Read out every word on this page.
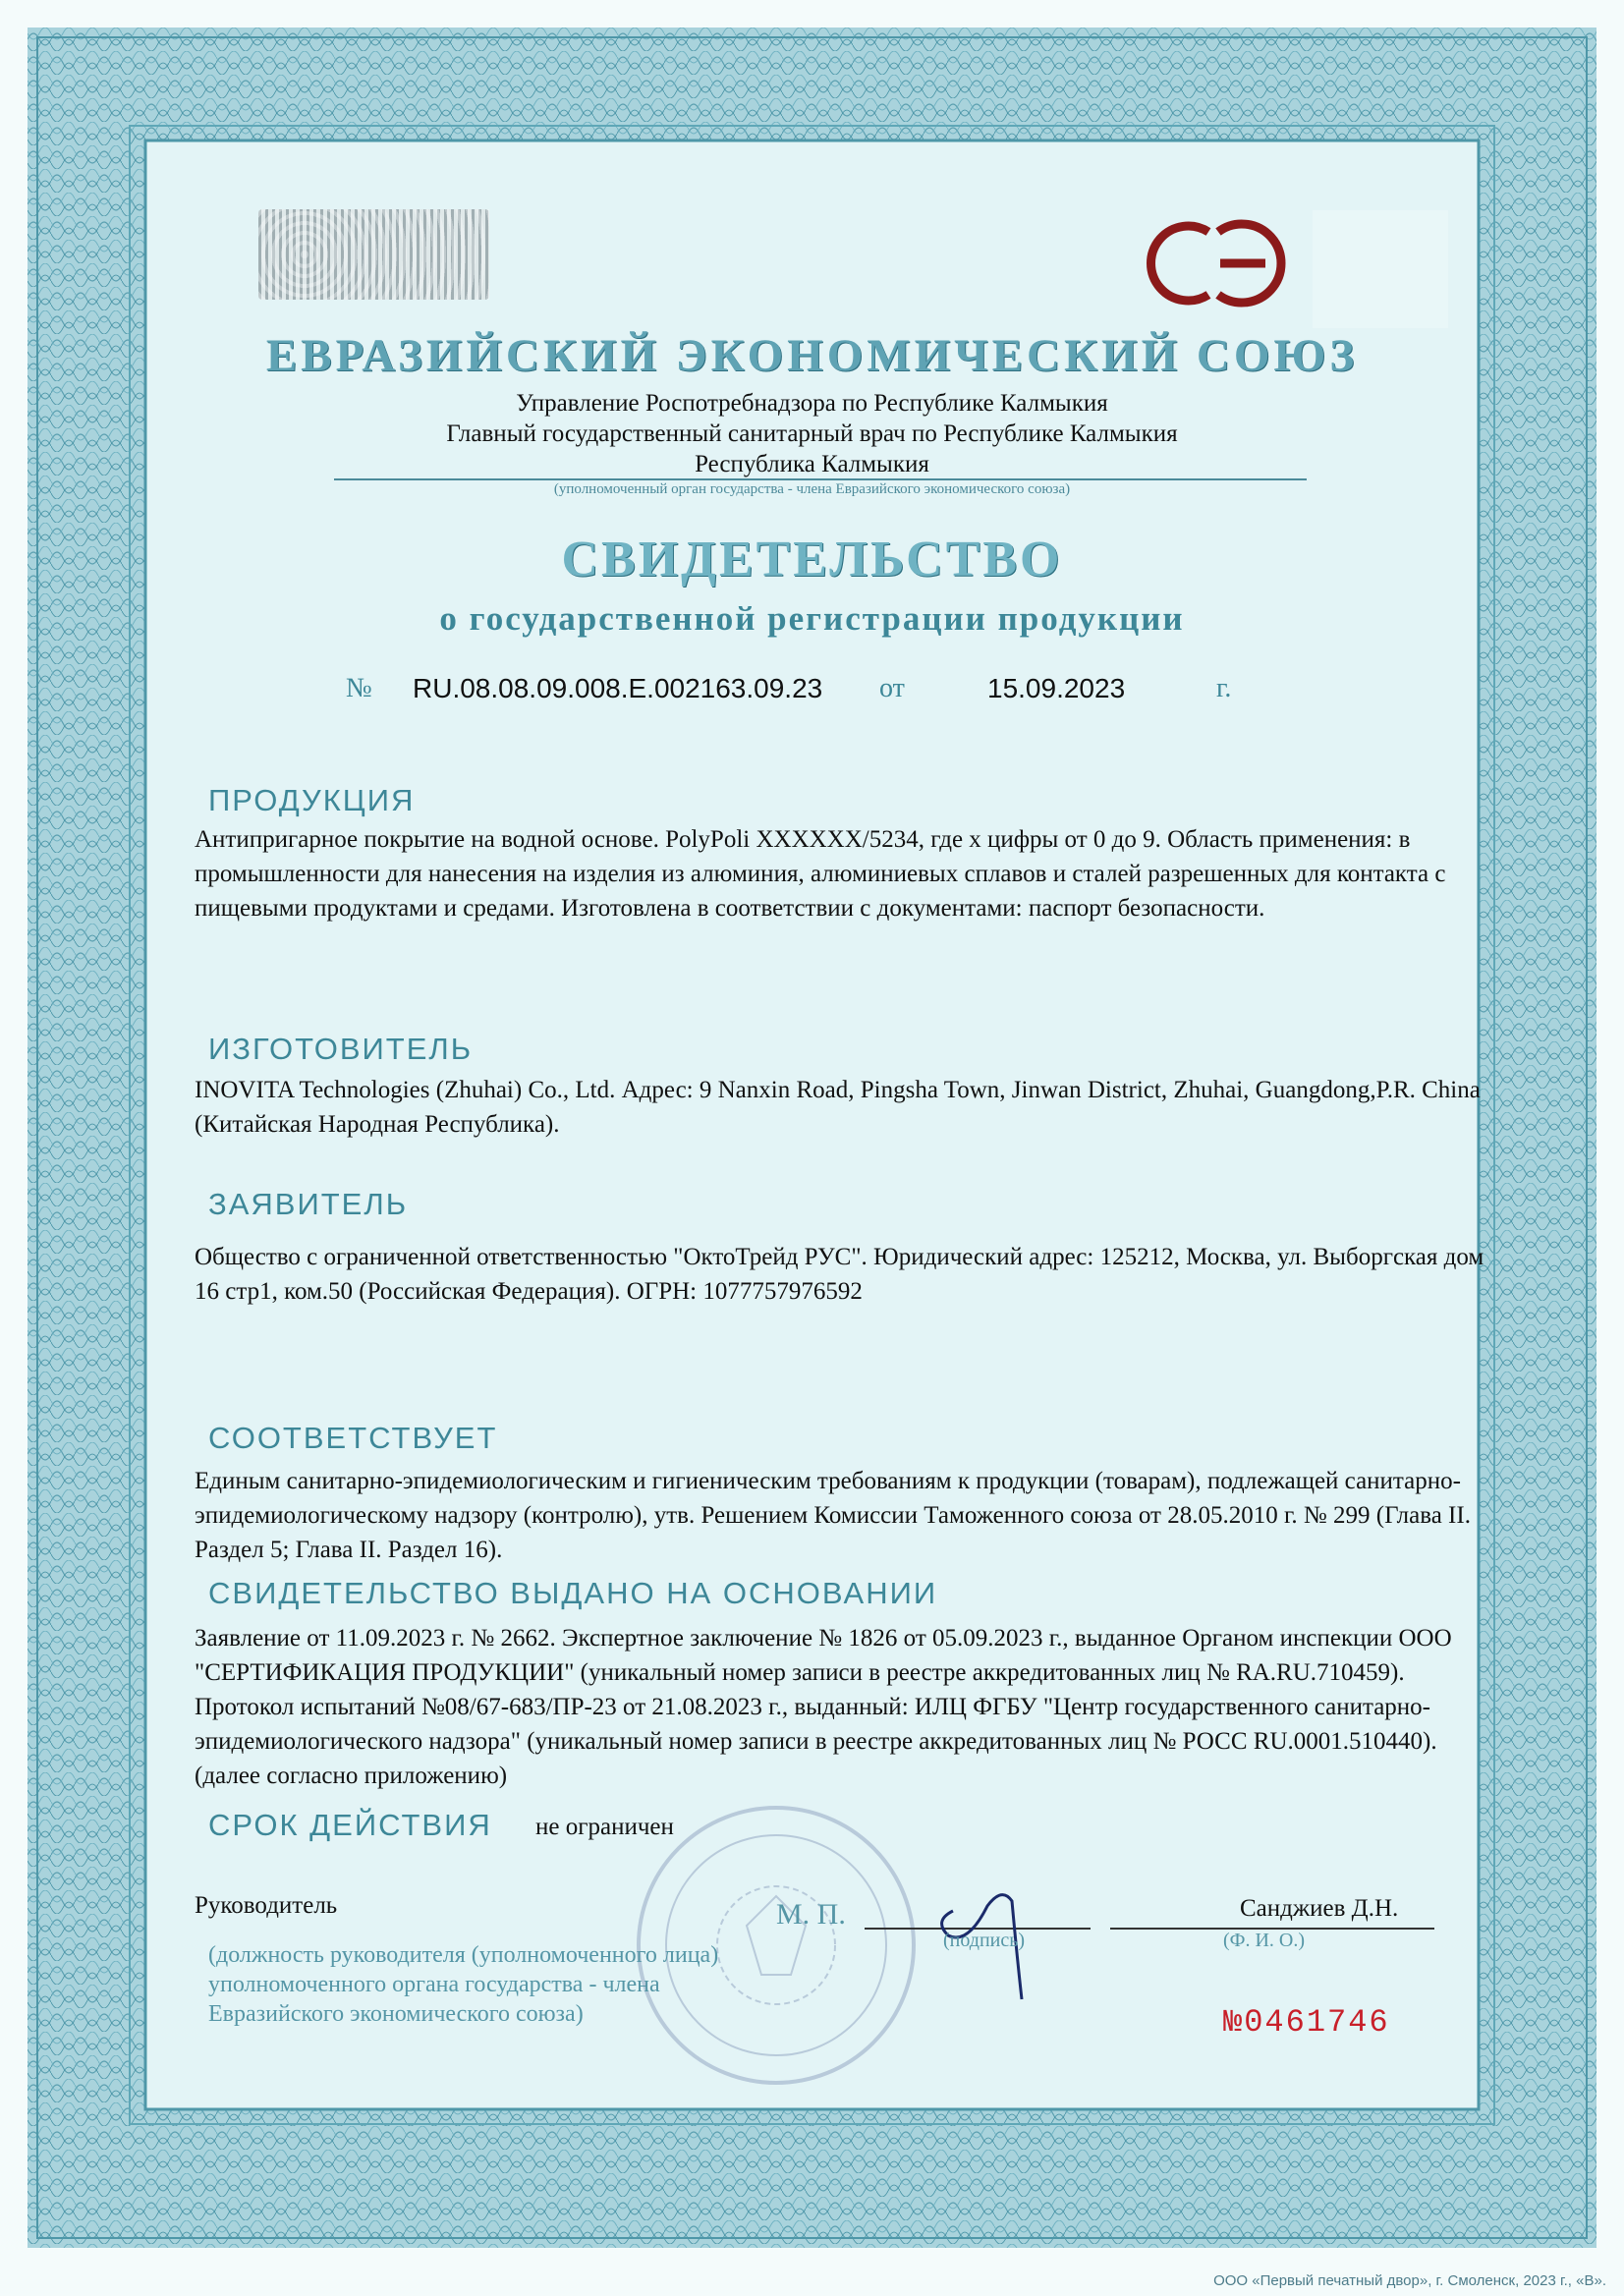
ЕВРАЗИЙСКИЙ ЭКОНОМИЧЕСКИЙ СОЮЗ
Управление Роспотребнадзора по Республике Калмыкия
Главный государственный санитарный врач по Республике Калмыкия
Республика Калмыкия
(уполномоченный орган государства - члена Евразийского экономического союза)
СВИДЕТЕЛЬСТВО
о государственной регистрации продукции
№ RU.08.08.09.008.Е.002163.09.23 от	15.09.2023	г.
ПРОДУКЦИЯ
Антипригарное покрытие на водной основе. PolyPoli XXXXXX/5234, где х цифры от 0 до 9. Область применения: в промышленности для нанесения на изделия из алюминия, алюминиевых сплавов и сталей разрешенных для контакта с пищевыми продуктами и средами. Изготовлена в соответствии с документами: паспорт безопасности.
ИЗГОТОВИТЕЛЬ
INOVITA Technologies (Zhuhai) Co., Ltd. Адрес: 9 Nanxin Road, Pingsha Town, Jinwan District, Zhuhai, Guangdong,P.R. China (Китайская Народная Республика).
ЗАЯВИТЕЛЬ
Общество с ограниченной ответственностью "ОктоТрейд РУС". Юридический адрес: 125212, Москва, ул. Выборгская дом 16 стр1, ком.50 (Российская Федерация). ОГРН: 1077757976592
СООТВЕТСТВУЕТ
Единым санитарно-эпидемиологическим и гигиеническим требованиям к продукции (товарам), подлежащей санитарно-эпидемиологическому надзору (контролю), утв. Решением Комиссии Таможенного союза от 28.05.2010 г. № 299 (Глава II. Раздел 5; Глава II. Раздел 16).
СВИДЕТЕЛЬСТВО ВЫДАНО НА ОСНОВАНИИ
Заявление от 11.09.2023 г. № 2662. Экспертное заключение № 1826 от 05.09.2023 г., выданное Органом инспекции ООО "СЕРТИФИКАЦИЯ ПРОДУКЦИИ" (уникальный номер записи в реестре аккредитованных лиц № RA.RU.710459). Протокол испытаний №08/67-683/ПР-23 от 21.08.2023 г., выданный: ИЛЦ ФГБУ "Центр государственного санитарно-эпидемиологического надзора" (уникальный номер записи в реестре аккредитованных лиц № РОСС RU.0001.510440). (далее согласно приложению)
СРОК ДЕЙСТВИЯ не ограничен
Руководитель	М. П.
(подпись)
Санджиев Д.Н.
(Ф. И. О.)
(должность руководителя (уполномоченного лица) уполномоченного органа государства - члена Евразийского экономического союза)	№0461746
ООО «Первый печатный двор», г. Смоленск, 2023 г., «В».
